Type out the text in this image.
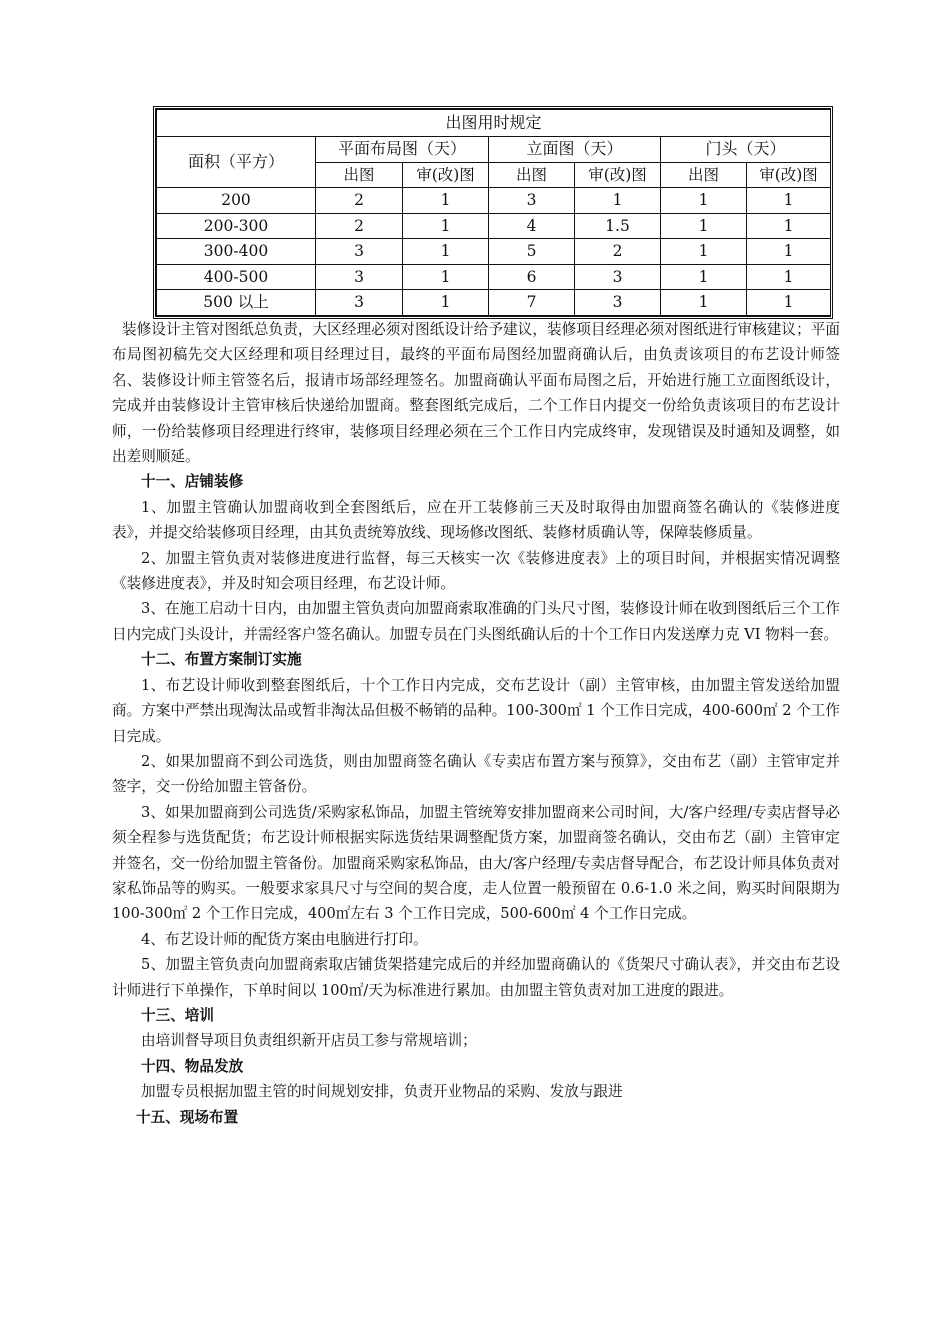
出图用时规定						
面积（平方）	平面布局图（天）		立面图（天）		门头（天）	
	出图	审(改)图	出图	审(改)图	出图	审(改)图
200	2	1	3	1	1	1
200-300	2	1	4	1.5	1	1
300-400	3	1	5	2	1	1
400-500	3	1	6	3	1	1
500 以上	3	1	7	3	1	1

装修设计主管对图纸总负责，大区经理必须对图纸设计给予建议，装修项目经理必须对图纸进行审核建议；平面布局图初稿先交大区经理和项目经理过目，最终的平面布局图经加盟商确认后，由负责该项目的布艺设计师签名、装修设计师主管签名后，报请市场部经理签名。加盟商确认平面布局图之后，开始进行施工立面图纸设计，完成并由装修设计主管审核后快递给加盟商。整套图纸完成后，二个工作日内提交一份给负责该项目的布艺设计师，一份给装修项目经理进行终审，装修项目经理必须在三个工作日内完成终审，发现错误及时通知及调整，如出差则顺延。

十一、店铺装修

1、加盟主管确认加盟商收到全套图纸后，应在开工装修前三天及时取得由加盟商签名确认的《装修进度表》，并提交给装修项目经理，由其负责统筹放线、现场修改图纸、装修材质确认等，保障装修质量。

2、加盟主管负责对装修进度进行监督，每三天核实一次《装修进度表》上的项目时间，并根据实情况调整《装修进度表》，并及时知会项目经理，布艺设计师。

3、在施工启动十日内，由加盟主管负责向加盟商索取准确的门头尺寸图，装修设计师在收到图纸后三个工作日内完成门头设计，并需经客户签名确认。加盟专员在门头图纸确认后的十个工作日内发送摩力克 VI 物料一套。

十二、布置方案制订实施

1、布艺设计师收到整套图纸后，十个工作日内完成，交布艺设计（副）主管审核，由加盟主管发送给加盟商。方案中严禁出现淘汰品或暂非淘汰品但极不畅销的品种。100-300㎡ 1 个工作日完成，400-600㎡ 2 个工作日完成。

2、如果加盟商不到公司选货，则由加盟商签名确认《专卖店布置方案与预算》，交由布艺（副）主管审定并签字，交一份给加盟主管备份。

3、如果加盟商到公司选货/采购家私饰品，加盟主管统筹安排加盟商来公司时间，大/客户经理/专卖店督导必须全程参与选货配货；布艺设计师根据实际选货结果调整配货方案，加盟商签名确认，交由布艺（副）主管审定并签名，交一份给加盟主管备份。加盟商采购家私饰品，由大/客户经理/专卖店督导配合，布艺设计师具体负责对家私饰品等的购买。一般要求家具尺寸与空间的契合度，走人位置一般预留在 0.6-1.0 米之间，购买时间限期为 100-300㎡ 2 个工作日完成，400㎡左右 3 个工作日完成，500-600㎡ 4 个工作日完成。

4、布艺设计师的配货方案由电脑进行打印。

5、加盟主管负责向加盟商索取店铺货架搭建完成后的并经加盟商确认的《货架尺寸确认表》，并交由布艺设计师进行下单操作，下单时间以 100㎡/天为标准进行累加。由加盟主管负责对加工进度的跟进。

十三、培训

由培训督导项目负责组织新开店员工参与常规培训；

十四、物品发放

加盟专员根据加盟主管的时间规划安排，负责开业物品的采购、发放与跟进

十五、现场布置
